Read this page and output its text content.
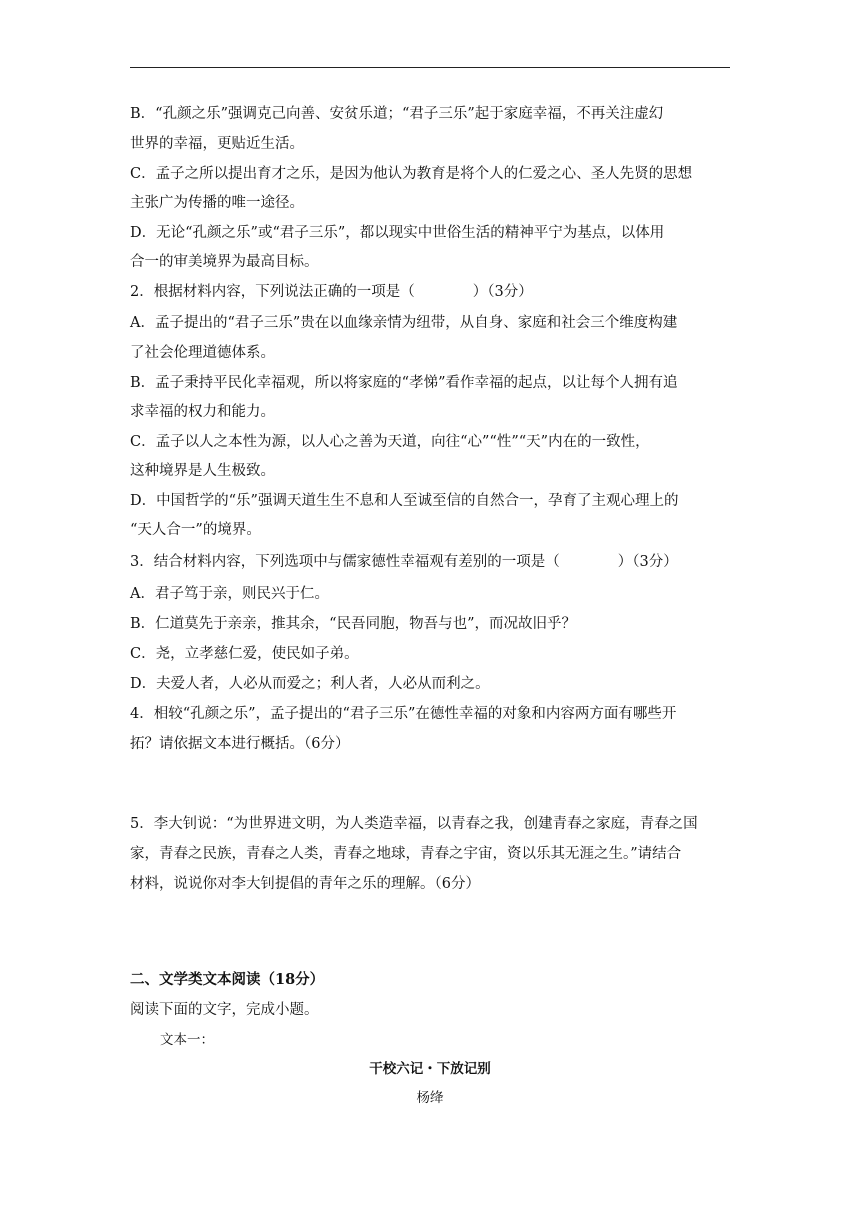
B．“孔颜之乐”强调克己向善、安贫乐道；“君子三乐”起于家庭幸福，不再关注虚幻
世界的幸福，更贴近生活。
C．孟子之所以提出育才之乐，是因为他认为教育是将个人的仁爱之心、圣人先贤的思想
主张广为传播的唯一途径。
D．无论“孔颜之乐”或“君子三乐”，都以现实中世俗生活的精神平宁为基点，以体用
合一的审美境界为最高目标。
2．根据材料内容，下列说法正确的一项是（　　　　）（3分）
A．孟子提出的“君子三乐”贵在以血缘亲情为纽带，从自身、家庭和社会三个维度构建
了社会伦理道德体系。
B．孟子秉持平民化幸福观，所以将家庭的“孝悌”看作幸福的起点，以让每个人拥有追
求幸福的权力和能力。
C．孟子以人之本性为源，以人心之善为天道，向往“心”“性”“天”内在的一致性，
这种境界是人生极致。
D．中国哲学的“乐”强调天道生生不息和人至诚至信的自然合一，孕育了主观心理上的
“天人合一”的境界。
3．结合材料内容，下列选项中与儒家德性幸福观有差别的一项是（　　　　）（3分）
A．君子笃于亲，则民兴于仁。
B．仁道莫先于亲亲，推其余，“民吾同胞，物吾与也”，而况故旧乎？
C．尧，立孝慈仁爱，使民如子弟。
D．夫爱人者，人必从而爱之；利人者，人必从而利之。
4．相较“孔颜之乐”，孟子提出的“君子三乐”在德性幸福的对象和内容两方面有哪些开
拓？请依据文本进行概括。（6分）
5．李大钊说：“为世界进文明，为人类造幸福，以青春之我，创建青春之家庭，青春之国
家，青春之民族，青春之人类，青春之地球，青春之宇宙，资以乐其无涯之生。”请结合
材料，说说你对李大钊提倡的青年之乐的理解。（6分）
二、文学类文本阅读（18分）
阅读下面的文字，完成小题。
文本一：
干校六记・下放记别
杨绛
